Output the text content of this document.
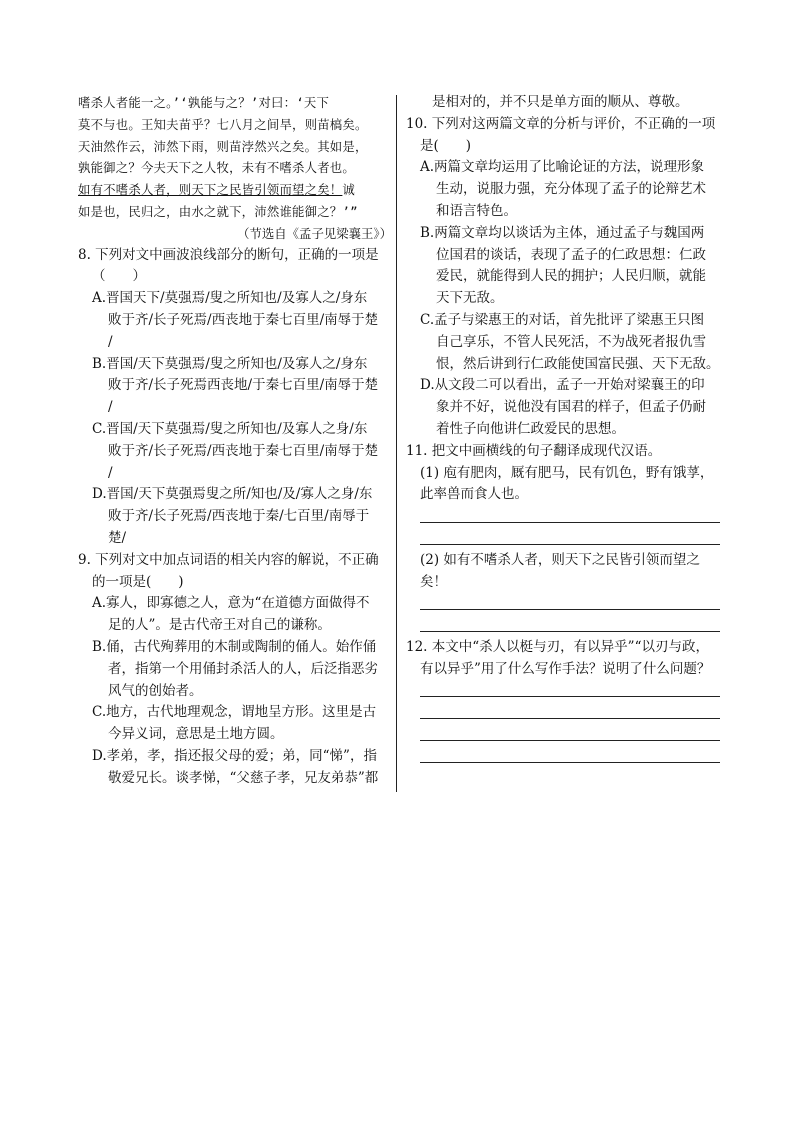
嗜杀人者能一之。’‘孰能与之？’对曰：‘天下

莫不与也。王知夫苗乎？七八月之间旱，则苗槁矣。

天油然作云，沛然下雨，则苗浡然兴之矣。其如是，

孰能御之？今夫天下之人牧，未有不嗜杀人者也。

如有不嗜杀人者，则天下之民皆引领而望之矣！诚

如是也，民归之，由水之就下，沛然谁能御之？’”

（节选自《孟子见梁襄王》）

8. 下列对文中画波浪线部分的断句，正确的一项是

（　　）

A.晋国天下/莫强焉/叟之所知也/及寡人之/身东

败于齐/长子死焉/西丧地于秦七百里/南辱于楚

/

B.晋国/天下莫强焉/叟之所知也/及寡人之/身东

败于齐/长子死焉西丧地/于秦七百里/南辱于楚

/

C.晋国/天下莫强焉/叟之所知也/及寡人之身/东

败于齐/长子死焉/西丧地于秦七百里/南辱于楚

/

D.晋国/天下莫强焉叟之所/知也/及/寡人之身/东

败于齐/长子死焉/西丧地于秦/七百里/南辱于

楚/

9. 下列对文中加点词语的相关内容的解说，不正确

的一项是(　　)

A.寡人，即寡德之人，意为“在道德方面做得不

足的人”。是古代帝王对自己的谦称。

B.俑，古代殉葬用的木制或陶制的俑人。始作俑

者，指第一个用俑封杀活人的人，后泛指恶劣

风气的创始者。

C.地方，古代地理观念，谓地呈方形。这里是古

今异义词，意思是土地方圆。

D.孝弟，孝，指还报父母的爱；弟，同“悌”，指

敬爱兄长。谈孝悌，“父慈子孝，兄友弟恭”都

是相对的，并不只是单方面的顺从、尊敬。

10. 下列对这两篇文章的分析与评价，不正确的一项

是(　　)

A.两篇文章均运用了比喻论证的方法，说理形象

生动，说服力强，充分体现了孟子的论辩艺术

和语言特色。

B.两篇文章均以谈话为主体，通过孟子与魏国两

位国君的谈话，表现了孟子的仁政思想：仁政

爱民，就能得到人民的拥护；人民归顺，就能

天下无敌。

C.孟子与梁惠王的对话，首先批评了梁惠王只图

自己享乐，不管人民死活，不为战死者报仇雪

恨，然后讲到行仁政能使国富民强、天下无敌。

D.从文段二可以看出，孟子一开始对梁襄王的印

象并不好，说他没有国君的样子，但孟子仍耐

着性子向他讲仁政爱民的思想。

11. 把文中画横线的句子翻译成现代汉语。

(1) 庖有肥肉，厩有肥马，民有饥色，野有饿莩，

此率兽而食人也。

(2) 如有不嗜杀人者，则天下之民皆引领而望之

矣！

12. 本文中“杀人以梃与刃，有以异乎”“以刃与政，

有以异乎”用了什么写作手法？说明了什么问题？
